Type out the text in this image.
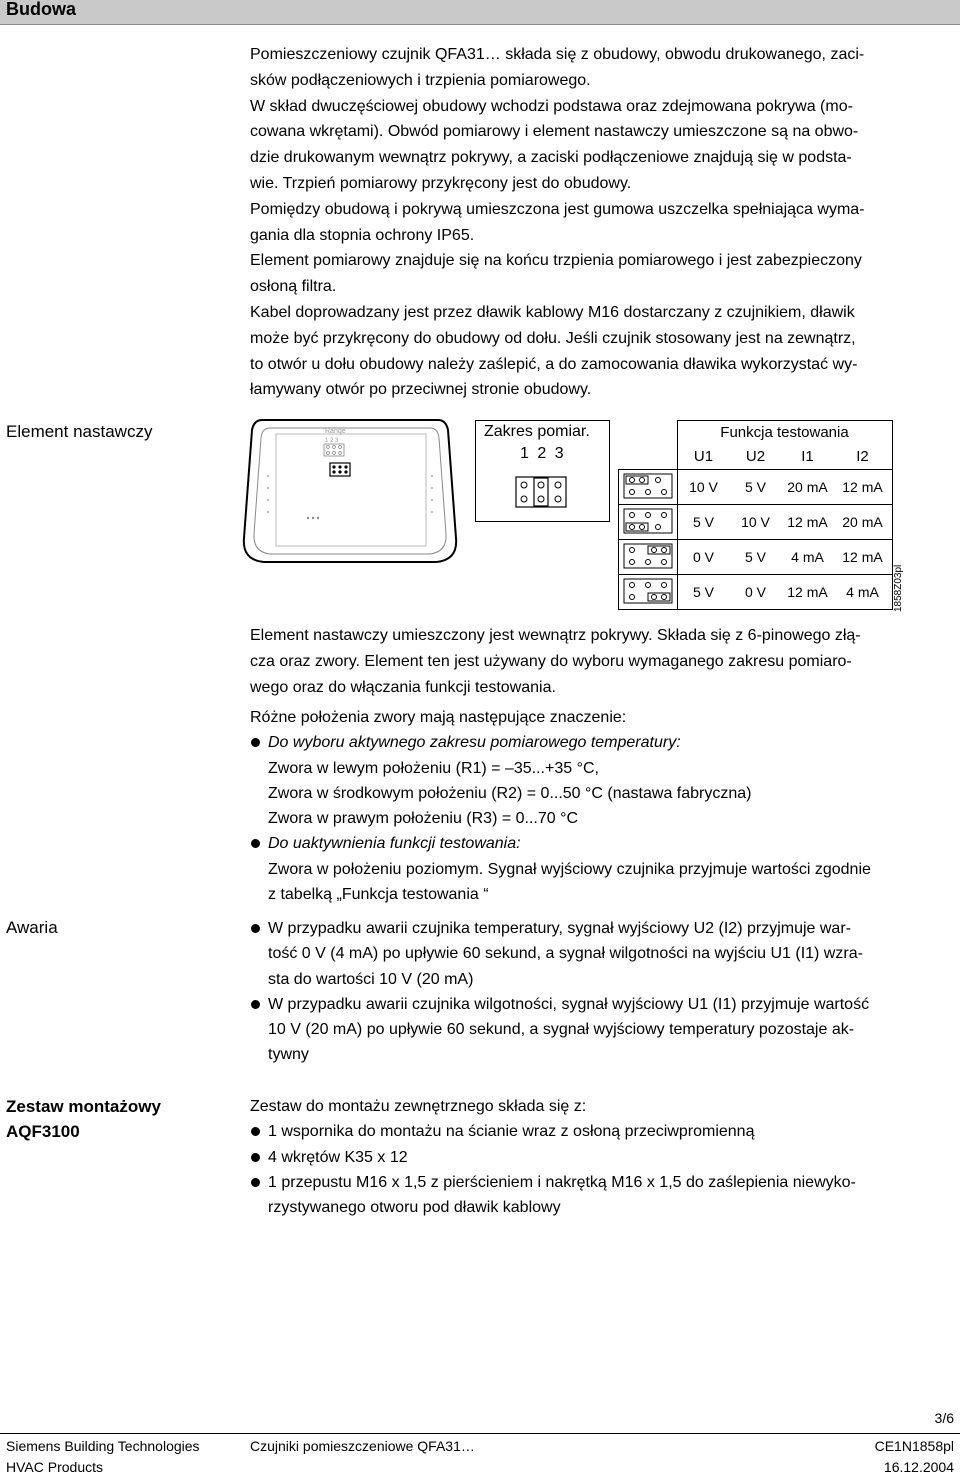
Budowa
Pomieszczeniowy czujnik QFA31… składa się z obudowy, obwodu drukowanego, zaci-
sków podłączeniowych i trzpienia pomiarowego.
W skład dwuczęściowej obudowy wchodzi podstawa oraz zdejmowana pokrywa (mo-
cowana wkrętami). Obwód pomiarowy i element nastawczy umieszczone są na obwo-
dzie drukowanym wewnątrz pokrywy, a zaciski podłączeniowe znajdują się w podsta-
wie. Trzpień pomiarowy przykręcony jest do obudowy.
Pomiędzy obudową i pokrywą umieszczona jest gumowa uszczelka spełniająca wyma-
gania dla stopnia ochrony IP65.
Element pomiarowy znajduje się na końcu trzpienia pomiarowego i jest zabezpieczony
osłoną filtra.
Kabel doprowadzany jest przez dławik kablowy M16 dostarczany z czujnikiem, dławik
może być przykręcony do obudowy od dołu. Jeśli czujnik stosowany jest na zewnątrz,
to otwór u dołu obudowy należy zaślepić, a do zamocowania dławika wykorzystać wy-
łamywany otwór po przeciwnej stronie obudowy.
Element nastawczy	Range
1 2 3
Zakres pomiar.
1 2 3
	Funkcja testowania			
	U1	U2	I1	I2
	10 V	5 V	20 mA	12 mA
	5 V	10 V	12 mA	20 mA
	0 V	5 V	4 mA	12 mA
	5 V	0 V	12 mA	4 mA 1858Z03pl
Element nastawczy umieszczony jest wewnątrz pokrywy. Składa się z 6-pinowego złą-
cza oraz zwory. Element ten jest używany do wyboru wymaganego zakresu pomiaro-
wego oraz do włączania funkcji testowania.
Różne położenia zwory mają następujące znaczenie:
Do wyboru aktywnego zakresu pomiarowego temperatury:
Zwora w lewym położeniu (R1) = –35...+35 °C,
Zwora w środkowym położeniu (R2) = 0...50 °C (nastawa fabryczna)
Zwora w prawym położeniu (R3) = 0...70 °C
Do uaktywnienia funkcji testowania:
Zwora w położeniu poziomym. Sygnał wyjściowy czujnika przyjmuje wartości zgodnie
z tabelką „Funkcja testowania “
Awaria	W przypadku awarii czujnika temperatury, sygnał wyjściowy U2 (I2) przyjmuje war-
tość 0 V (4 mA) po upływie 60 sekund, a sygnał wilgotności na wyjściu U1 (I1) wzra-
sta do wartości 10 V (20 mA)
W przypadku awarii czujnika wilgotności, sygnał wyjściowy U1 (I1) przyjmuje wartość
10 V (20 mA) po upływie 60 sekund, a sygnał wyjściowy temperatury pozostaje ak-
tywny
Zestaw montażowy
AQF3100
Zestaw do montażu zewnętrznego składa się z:
1 wspornika do montażu na ścianie wraz z osłoną przeciwpromienną
4 wkrętów K35 x 12
1 przepustu M16 x 1,5 z pierścieniem i nakrętką M16 x 1,5 do zaślepienia niewyko-
rzystywanego otworu pod dławik kablowy
3/6
Siemens Building Technologies
HVAC Products
Czujniki pomieszczeniowe QFA31…	CE1N1858pl
16.12.2004
